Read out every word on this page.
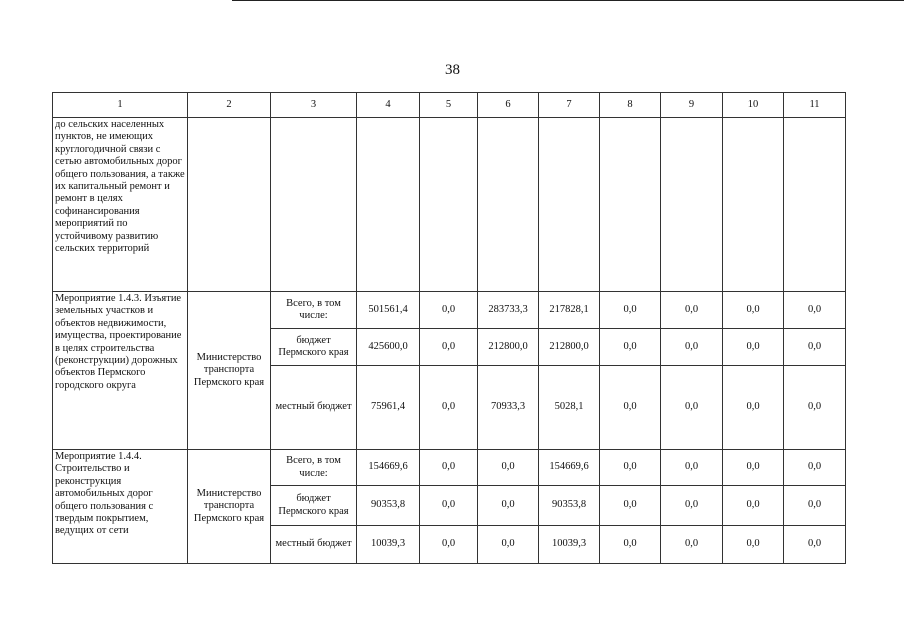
38
1	2	3	4	5	6	7	8	9	10	11
до сельских населенных пунктов, не имеющих круглогодичной связи с сетью автомобильных дорог общего пользования, а также их капитальный ремонт и ремонт в целях софинансирования мероприятий по устойчивому развитию сельских территорий										
Мероприятие 1.4.3. Изъятие земельных участков и объектов недвижимости, имущества, проектирование в целях строительства (реконструкции) дорожных объектов Пермского городского округа	Министерство транспорта Пермского края	Всего, в том числе:	501561,4	0,0	283733,3	217828,1	0,0	0,0	0,0	0,0
		бюджет Пермского края	425600,0	0,0	212800,0	212800,0	0,0	0,0	0,0	0,0
		местный бюджет	75961,4	0,0	70933,3	5028,1	0,0	0,0	0,0	0,0
Мероприятие 1.4.4. Строительство и реконструкция автомобильных дорог общего пользования с твердым покрытием, ведущих от сети	Министерство транспорта Пермского края	Всего, в том числе:	154669,6	0,0	0,0	154669,6	0,0	0,0	0,0	0,0
		бюджет Пермского края	90353,8	0,0	0,0	90353,8	0,0	0,0	0,0	0,0
		местный бюджет	10039,3	0,0	0,0	10039,3	0,0	0,0	0,0	0,0
